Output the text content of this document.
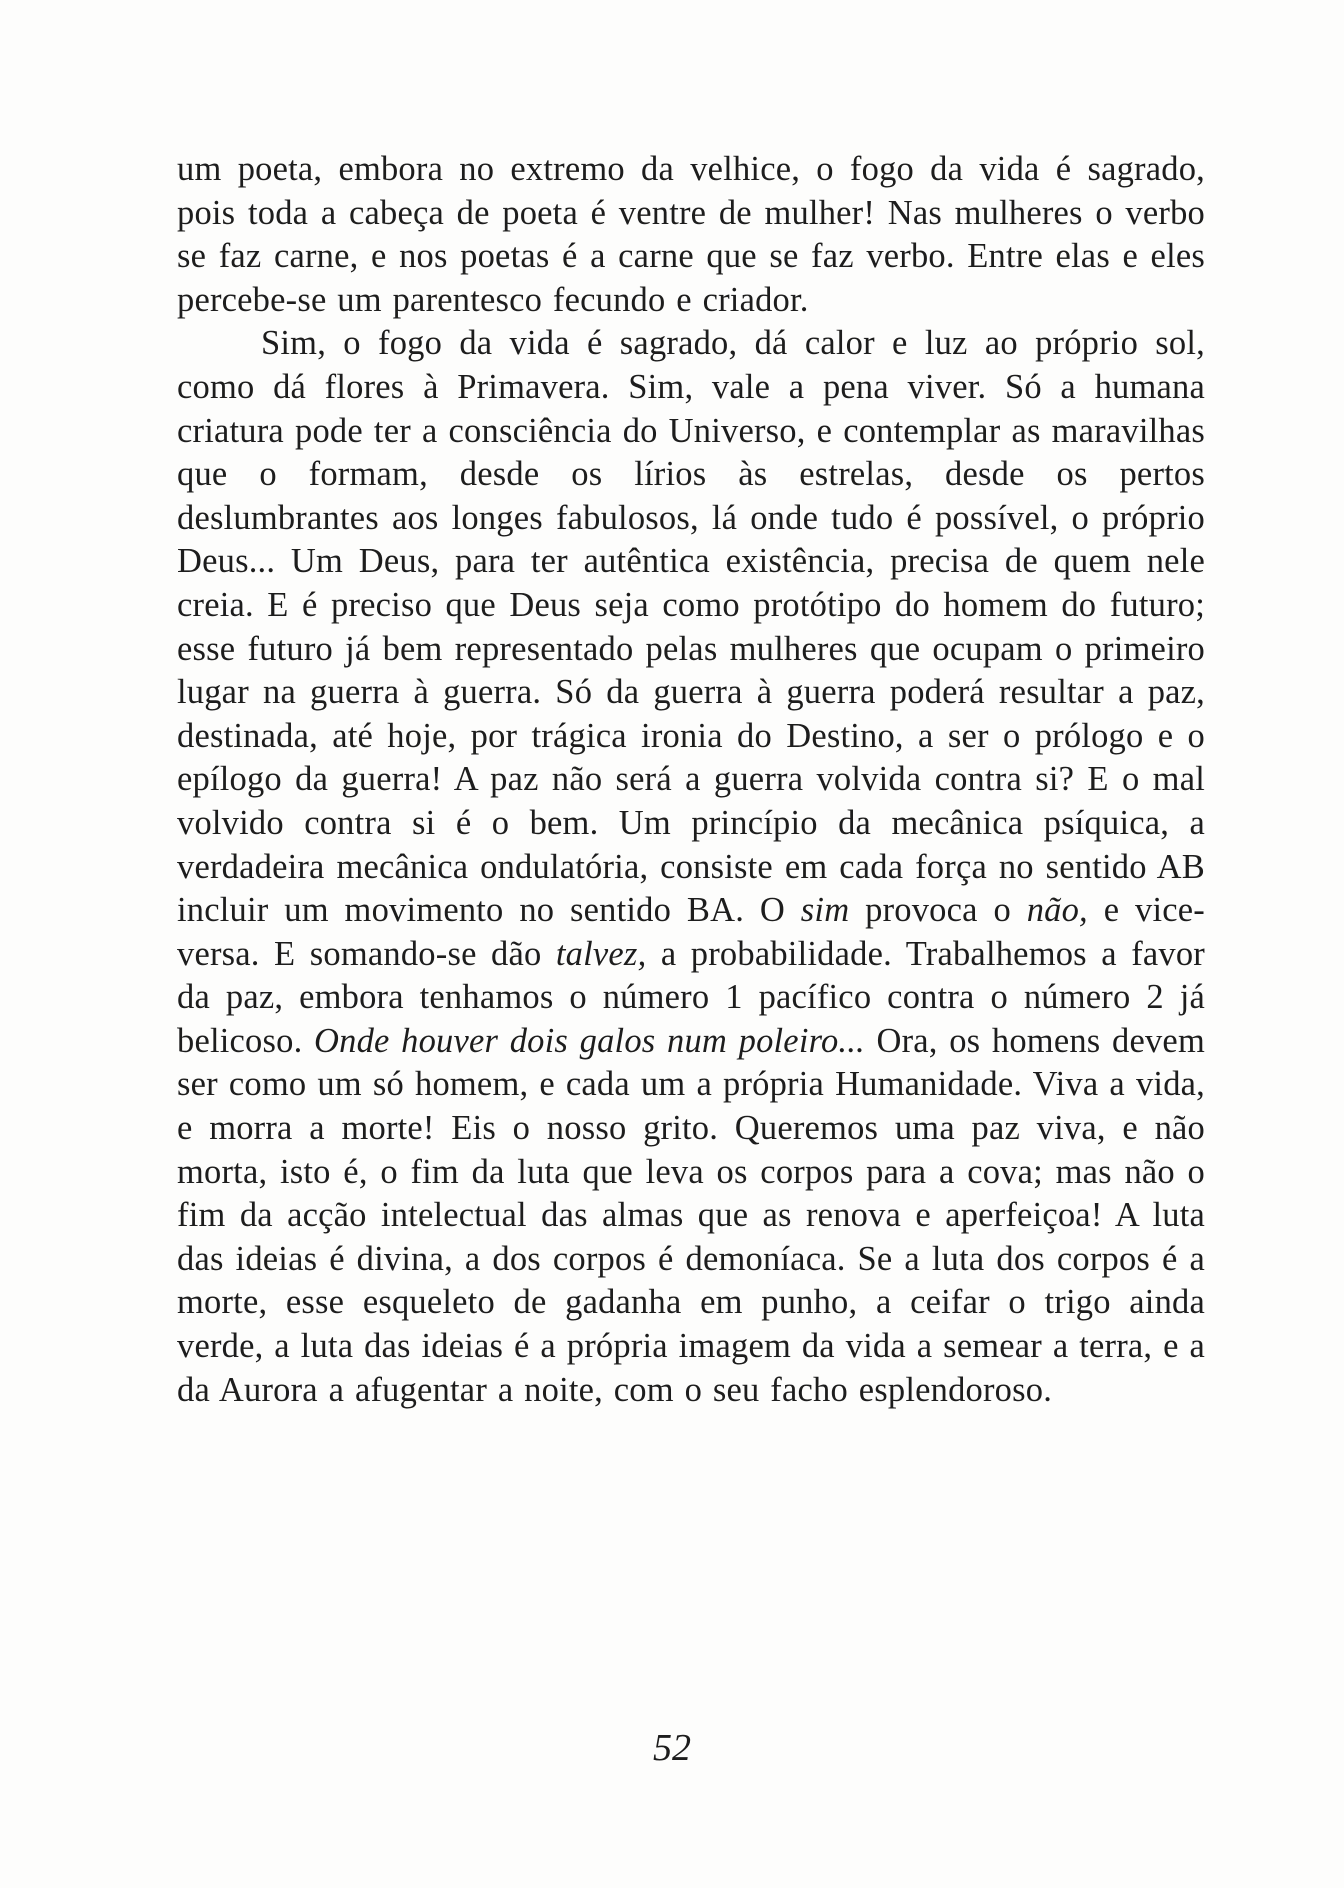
um poeta, embora no extremo da velhice, o fogo da vida é sagrado, pois toda a cabeça de poeta é ventre de mulher! Nas mulheres o verbo se faz carne, e nos poetas é a carne que se faz verbo. Entre elas e eles percebe-se um parentesco fecundo e criador.

Sim, o fogo da vida é sagrado, dá calor e luz ao próprio sol, como dá flores à Primavera. Sim, vale a pena viver. Só a humana criatura pode ter a consciência do Universo, e contemplar as maravilhas que o formam, desde os lírios às estrelas, desde os pertos deslumbrantes aos longes fabulosos, lá onde tudo é possível, o próprio Deus... Um Deus, para ter autêntica existência, precisa de quem nele creia. E é preciso que Deus seja como protótipo do homem do futuro; esse futuro já bem representado pelas mulheres que ocupam o primeiro lugar na guerra à guerra. Só da guerra à guerra poderá resultar a paz, destinada, até hoje, por trágica ironia do Destino, a ser o prólogo e o epílogo da guerra! A paz não será a guerra volvida contra si? E o mal volvido contra si é o bem. Um princípio da mecânica psíquica, a verdadeira mecânica ondulatória, consiste em cada força no sentido AB incluir um movimento no sentido BA. O sim provoca o não, e vice-versa. E somando-se dão talvez, a probabilidade. Trabalhemos a favor da paz, embora tenhamos o número 1 pacífico contra o número 2 já belicoso. Onde houver dois galos num poleiro... Ora, os homens devem ser como um só homem, e cada um a própria Humanidade. Viva a vida, e morra a morte! Eis o nosso grito. Queremos uma paz viva, e não morta, isto é, o fim da luta que leva os corpos para a cova; mas não o fim da acção intelectual das almas que as renova e aperfeiçoa! A luta das ideias é divina, a dos corpos é demoníaca. Se a luta dos corpos é a morte, esse esqueleto de gadanha em punho, a ceifar o trigo ainda verde, a luta das ideias é a própria imagem da vida a semear a terra, e a da Aurora a afugentar a noite, com o seu facho esplendoroso.

52
